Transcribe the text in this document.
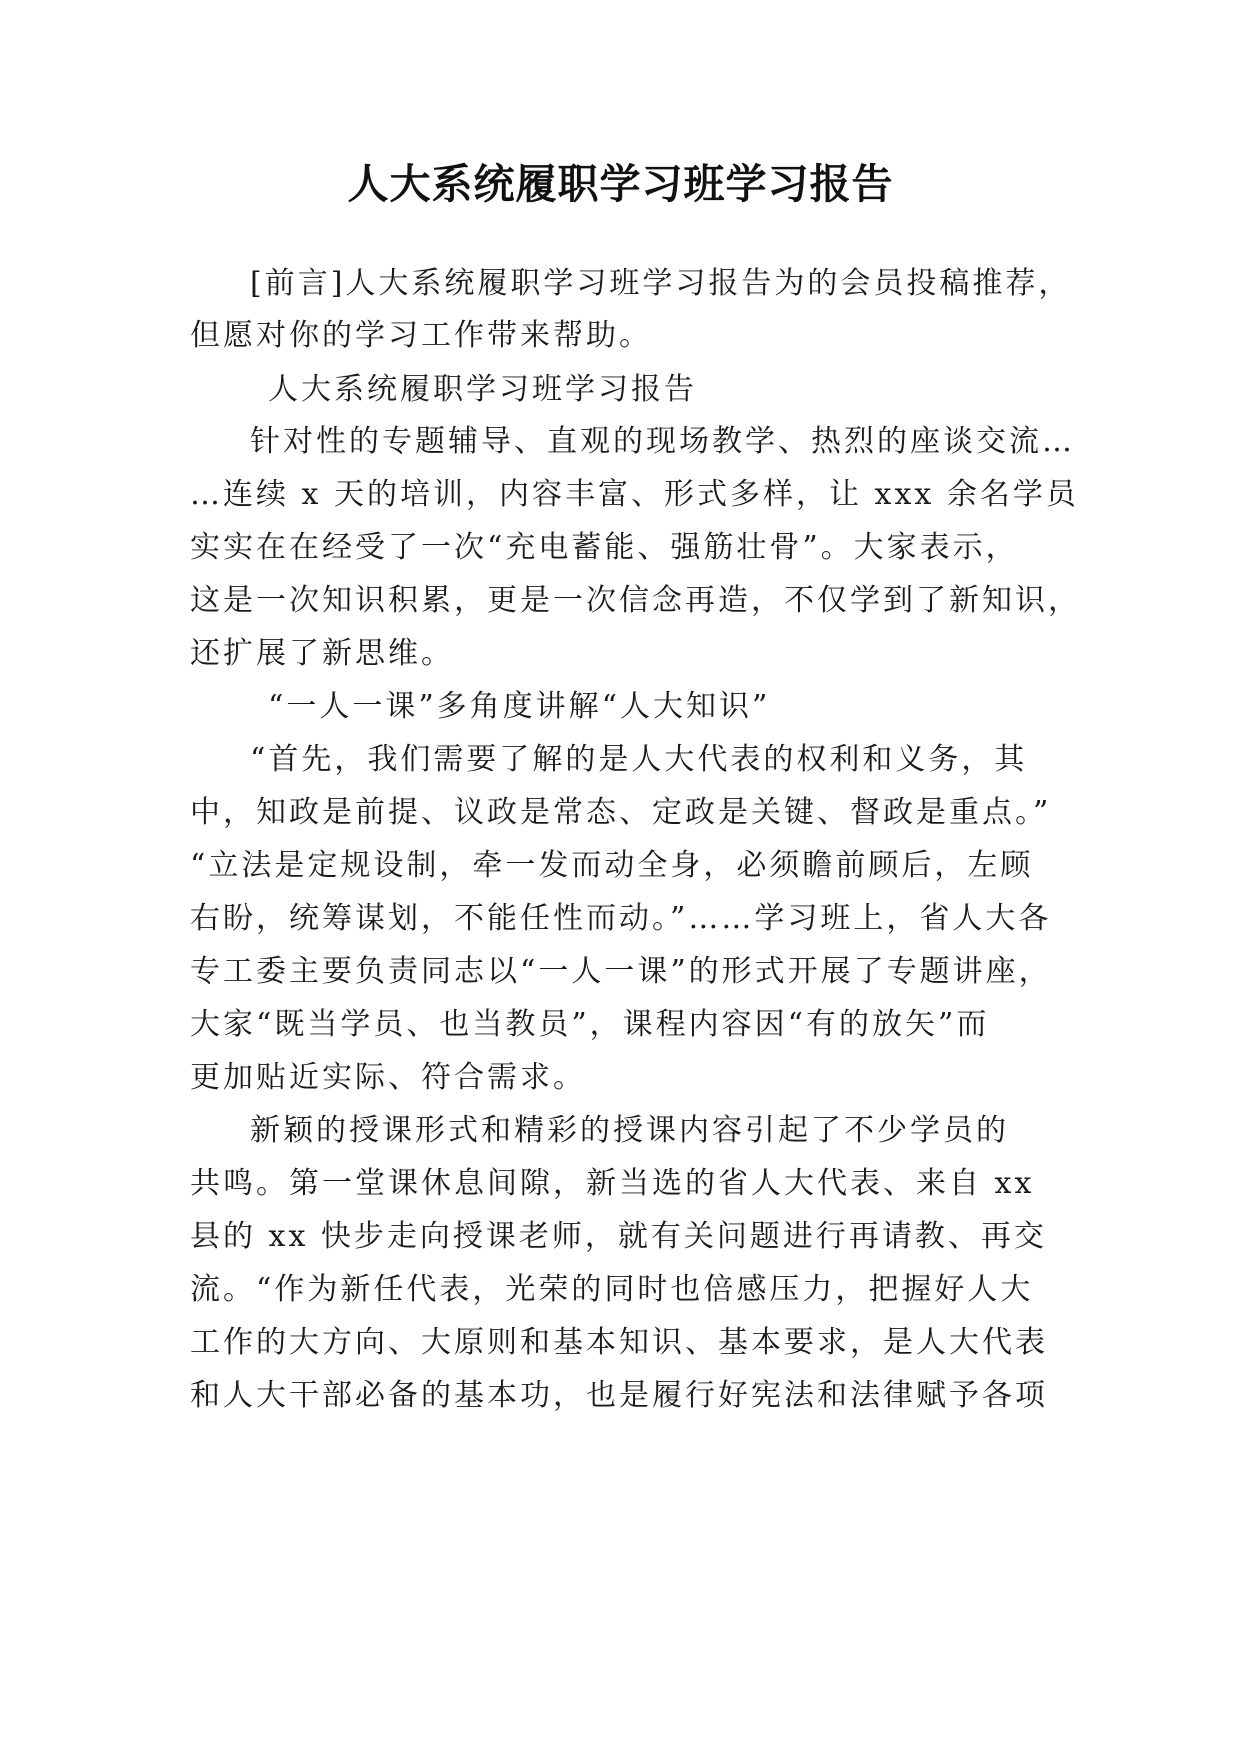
人大系统履职学习班学习报告

[前言]人大系统履职学习班学习报告为的会员投稿推荐，

但愿对你的学习工作带来帮助。

人大系统履职学习班学习报告

针对性的专题辅导、直观的现场教学、热烈的座谈交流…

…连续 x 天的培训，内容丰富、形式多样，让 xxx 余名学员

实实在在经受了一次“充电蓄能、强筋壮骨”。大家表示，

这是一次知识积累，更是一次信念再造，不仅学到了新知识，

还扩展了新思维。

“一人一课”多角度讲解“人大知识”

“首先，我们需要了解的是人大代表的权利和义务，其

中，知政是前提、议政是常态、定政是关键、督政是重点。”

“立法是定规设制，牵一发而动全身，必须瞻前顾后，左顾

右盼，统筹谋划，不能任性而动。”……学习班上，省人大各

专工委主要负责同志以“一人一课”的形式开展了专题讲座，

大家“既当学员、也当教员”，课程内容因“有的放矢”而

更加贴近实际、符合需求。

新颖的授课形式和精彩的授课内容引起了不少学员的

共鸣。第一堂课休息间隙，新当选的省人大代表、来自 xx

县的 xx 快步走向授课老师，就有关问题进行再请教、再交

流。“作为新任代表，光荣的同时也倍感压力，把握好人大

工作的大方向、大原则和基本知识、基本要求，是人大代表

和人大干部必备的基本功，也是履行好宪法和法律赋予各项
